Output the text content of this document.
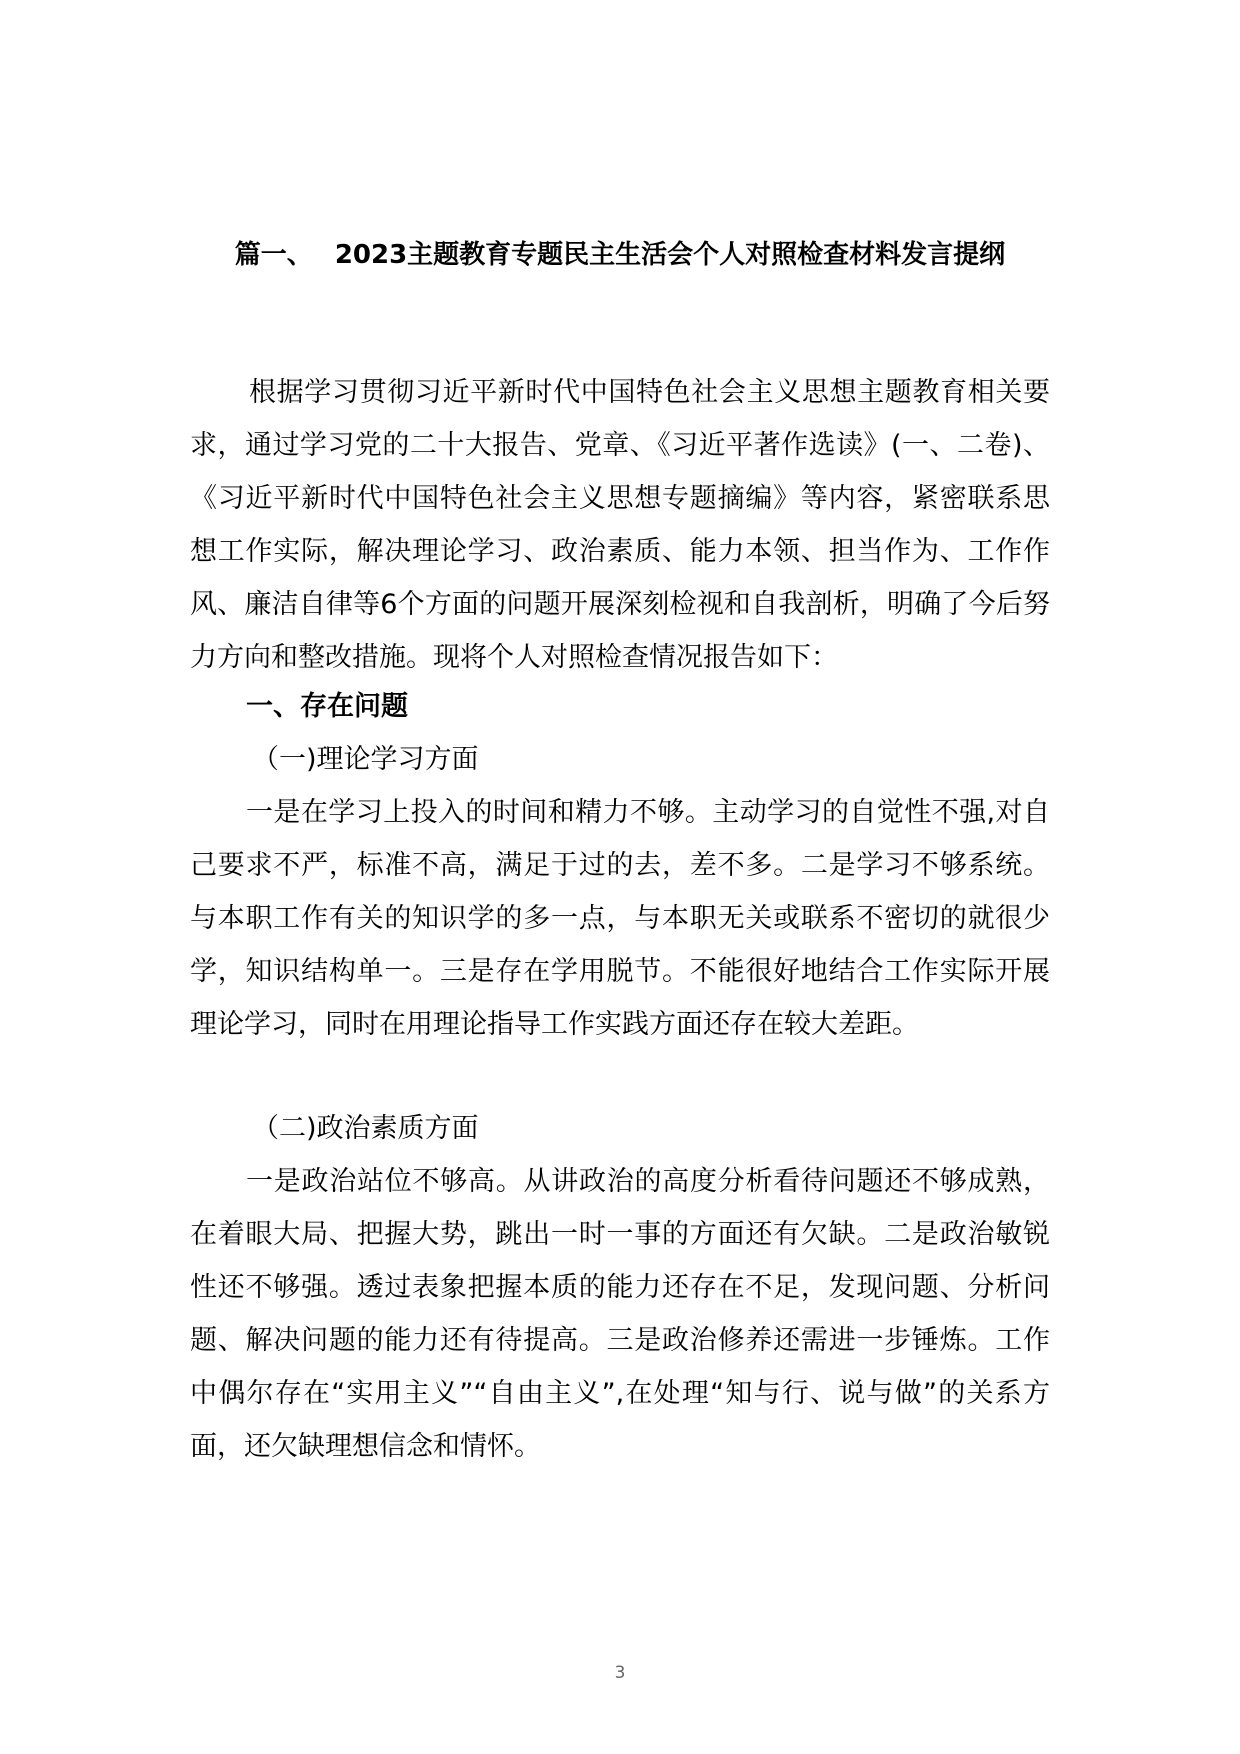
篇一、 2023主题教育专题民主生活会个人对照检查材料发言提纲

根据学习贯彻习近平新时代中国特色社会主义思想主题教育相关要求，通过学习党的二十大报告、党章、《习近平著作选读》(一、二卷)、《习近平新时代中国特色社会主义思想专题摘编》等内容，紧密联系思想工作实际，解决理论学习、政治素质、能力本领、担当作为、工作作风、廉洁自律等6个方面的问题开展深刻检视和自我剖析，明确了今后努力方向和整改措施。现将个人对照检查情况报告如下：

一、存在问题
（一)理论学习方面

一是在学习上投入的时间和精力不够。主动学习的自觉性不强,对自己要求不严，标准不高，满足于过的去，差不多。二是学习不够系统。与本职工作有关的知识学的多一点，与本职无关或联系不密切的就很少学，知识结构单一。三是存在学用脱节。不能很好地结合工作实际开展理论学习，同时在用理论指导工作实践方面还存在较大差距。

（二)政治素质方面

一是政治站位不够高。从讲政治的高度分析看待问题还不够成熟，在着眼大局、把握大势，跳出一时一事的方面还有欠缺。二是政治敏锐性还不够强。透过表象把握本质的能力还存在不足，发现问题、分析问题、解决问题的能力还有待提高。三是政治修养还需进一步锤炼。工作中偶尔存在“实用主义”“自由主义”,在处理“知与行、说与做”的关系方面，还欠缺理想信念和情怀。

3
